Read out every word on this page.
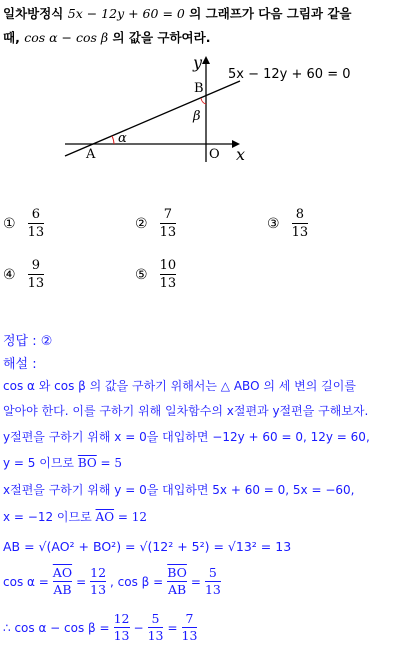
일차방정식 5x − 12y + 60 = 0 의 그래프가 다음 그림과 같을
때, cos α − cos β 의 값을 구하여라.
A
B
O x
y
α
β
5x − 12y + 60 = 0
① $\frac{6}{13}$	② $\frac{7}{13}$	③ $\frac{8}{13}$
④ $\frac{9}{13}$	⑤ $\frac{10}{13}$
정답 : ②
해설 :
cos α 와 cos β 의 값을 구하기 위해서는 △ ABO 의 세 변의 길이를
알아야 한다. 이를 구하기 위해 일차함수의 x절편과 y절편을 구해보자.
y절편을 구하기 위해 x = 0을 대입하면 −12y + 60 = 0, 12y = 60,
y = 5 이므로 $\overline{BO} = 5$
x절편을 구하기 위해 y = 0을 대입하면 5x + 60 = 0, 5x = −60,
x = −12 이므로 $\overline{AO} = 12$
AB = √(AO² + BO²) = √(12² + 5²) = √13² = 13
$\cos \alpha = \frac{\overline{AO}}{AB}$ =
12
13
, $\cos \beta = \frac{\overline{BO}}{AB}$ =
5
13
∴ cos α − cos β =
12
13
−
5
13
=
7
13
